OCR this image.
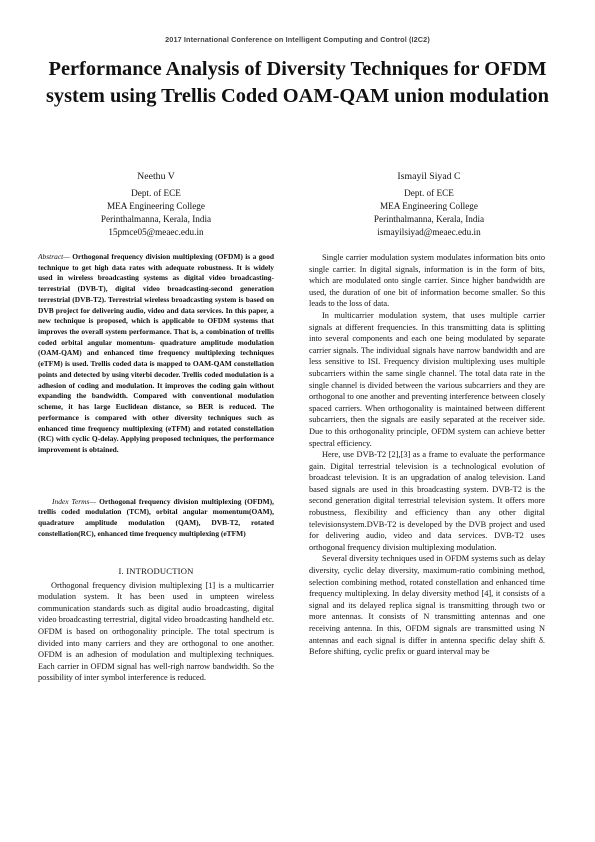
2017 International Conference on Intelligent Computing and Control (I2C2)
Performance Analysis of Diversity Techniques for OFDM system using Trellis Coded OAM-QAM union modulation
Neethu V
Dept. of ECE
MEA Engineering College
Perinthalmanna, Kerala, India
15pmce05@meaec.edu.in
Ismayil Siyad C
Dept. of ECE
MEA Engineering College
Perinthalmanna, Kerala, India
ismayilsiyad@meaec.edu.in

Abstract— Orthogonal frequency division multiplexing (OFDM) is a good technique to get high data rates with adequate robustness. It is widely used in wireless broadcasting systems as digital video broadcasting-terrestrial (DVB-T), digital video broadcasting-second generation terrestrial (DVB-T2). Terrestrial wireless broadcasting system is based on DVB project for delivering audio, video and data services. In this paper, a new technique is proposed, which is applicable to OFDM systems that improves the overall system performance. That is, a combination of trellis coded orbital angular momentum- quadrature amplitude modulation (OAM-QAM) and enhanced time frequency multiplexing techniques (eTFM) is used. Trellis coded data is mapped to OAM-QAM constellation points and detected by using viterbi decoder. Trellis coded modulation is a adhesion of coding and modulation. It improves the coding gain without expanding the bandwidth. Compared with conventional modulation scheme, it has large Euclidean distance, so BER is reduced. The performance is compared with other diversity techniques such as enhanced time frequency multiplexing (eTFM) and rotated constellation (RC) with cyclic Q-delay. Applying proposed techniques, the performance improvement is obtained.

Index Terms— Orthogonal frequency division multiplexing (OFDM), trellis coded modulation (TCM), orbital angular momentum(OAM), quadrature amplitude modulation (QAM), DVB-T2, rotated constellation(RC), enhanced time frequency multiplexing (eTFM)

I. INTRODUCTION

Orthogonal frequency division multiplexing [1] is a multicarrier modulation system. It has been used in umpteen wireless communication standards such as digital audio broadcasting, digital video broadcasting terrestrial, digital video broadcasting handheld etc. OFDM is based on orthogonality principle. The total spectrum is divided into many carriers and they are orthogonal to one another. OFDM is an adhesion of modulation and multiplexing techniques. Each carrier in OFDM signal has well-righ narrow bandwidth. So the possibility of inter symbol interference is reduced.

Single carrier modulation system modulates information bits onto single carrier. In digital signals, information is in the form of bits, which are modulated onto single carrier. Since higher bandwidth are used, the duration of one bit of information become smaller. So this leads to the loss of data.

In multicarrier modulation system, that uses multiple carrier signals at different frequencies. In this transmitting data is splitting into several components and each one being modulated by separate carrier signals. The individual signals have narrow bandwidth and are less sensitive to ISI. Frequency division multiplexing uses multiple subcarriers within the same single channel. The total data rate in the single channel is divided between the various subcarriers and they are orthogonal to one another and preventing interference between closely spaced carriers. When orthogonality is maintained between different subcarriers, then the signals are easily separated at the receiver side. Due to this orthogonality principle, OFDM system can achieve better spectral efficiency.

Here, use DVB-T2 [2],[3] as a frame to evaluate the performance gain. Digital terrestrial television is a technological evolution of broadcast television. It is an upgradation of analog television. Land based signals are used in this broadcasting system. DVB-T2 is the second generation digital terrestrial television system. It offers more robustness, flexibility and efficiency than any other digital televisionsystem.DVB-T2 is developed by the DVB project and used for delivering audio, video and data services. DVB-T2 uses orthogonal frequency division multiplexing modulation.

Several diversity techniques used in OFDM systems such as delay diversity, cyclic delay diversity, maximum-ratio combining method, selection combining method, rotated constellation and enhanced time frequency multiplexing. In delay diversity method [4], it consists of a signal and its delayed replica signal is transmitting through two or more antennas. It consists of N transmitting antennas and one receiving antenna. In this, OFDM signals are transmitted using N antennas and each signal is differ in antenna specific delay shift δ. Before shifting, cyclic prefix or guard interval may be
